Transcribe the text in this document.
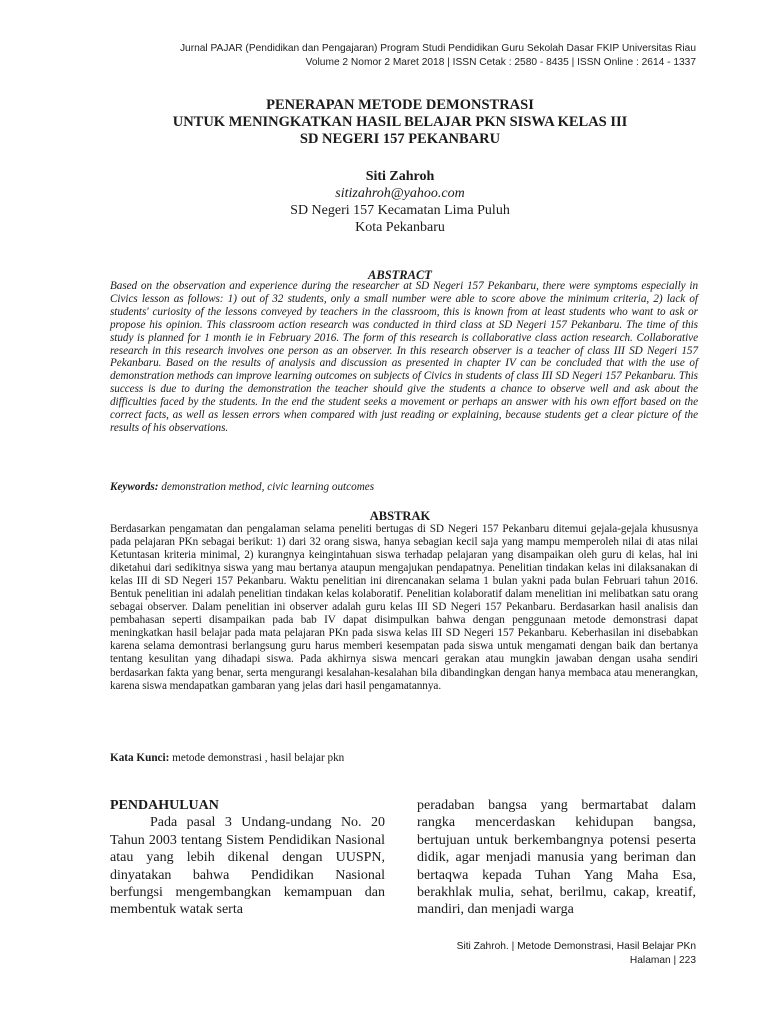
Jurnal PAJAR (Pendidikan dan Pengajaran) Program Studi Pendidikan Guru Sekolah Dasar FKIP Universitas Riau
Volume 2 Nomor 2 Maret 2018 | ISSN Cetak : 2580 - 8435 | ISSN Online : 2614 - 1337
PENERAPAN METODE DEMONSTRASI
UNTUK MENINGKATKAN HASIL BELAJAR PKN SISWA KELAS III
SD NEGERI 157 PEKANBARU
Siti Zahroh
sitizahroh@yahoo.com
SD Negeri 157 Kecamatan Lima Puluh
Kota Pekanbaru
ABSTRACT
Based on the observation and experience during the researcher at SD Negeri 157 Pekanbaru, there were symptoms especially in Civics lesson as follows: 1) out of 32 students, only a small number were able to score above the minimum criteria, 2) lack of students' curiosity of the lessons conveyed by teachers in the classroom, this is known from at least students who want to ask or propose his opinion. This classroom action research was conducted in third class at SD Negeri 157 Pekanbaru. The time of this study is planned for 1 month ie in February 2016. The form of this research is collaborative class action research. Collaborative research in this research involves one person as an observer. In this research observer is a teacher of class III SD Negeri 157 Pekanbaru. Based on the results of analysis and discussion as presented in chapter IV can be concluded that with the use of demonstration methods can improve learning outcomes on subjects of Civics in students of class III SD Negeri 157 Pekanbaru. This success is due to during the demonstration the teacher should give the students a chance to observe well and ask about the difficulties faced by the students. In the end the student seeks a movement or perhaps an answer with his own effort based on the correct facts, as well as lessen errors when compared with just reading or explaining, because students get a clear picture of the results of his observations.
Keywords: demonstration method, civic learning outcomes
ABSTRAK
Berdasarkan pengamatan dan pengalaman selama peneliti bertugas di SD Negeri 157 Pekanbaru ditemui gejala-gejala khususnya pada pelajaran PKn sebagai berikut: 1) dari 32 orang siswa, hanya sebagian kecil saja yang mampu memperoleh nilai di atas nilai Ketuntasan kriteria minimal, 2) kurangnya keingintahuan siswa terhadap pelajaran yang disampaikan oleh guru di kelas, hal ini diketahui dari sedikitnya siswa yang mau bertanya ataupun mengajukan pendapatnya. Penelitian tindakan kelas ini dilaksanakan di kelas III di SD Negeri 157 Pekanbaru. Waktu penelitian ini direncanakan selama 1 bulan yakni pada bulan Februari tahun 2016. Bentuk penelitian ini adalah penelitian tindakan kelas kolaboratif. Penelitian kolaboratif dalam menelitian ini melibatkan satu orang sebagai observer. Dalam penelitian ini observer adalah guru kelas III SD Negeri 157 Pekanbaru. Berdasarkan hasil analisis dan pembahasan seperti disampaikan pada bab IV dapat disimpulkan bahwa dengan penggunaan metode demonstrasi dapat meningkatkan hasil belajar pada mata pelajaran PKn pada siswa kelas III SD Negeri 157 Pekanbaru. Keberhasilan ini disebabkan karena selama demontrasi berlangsung guru harus memberi kesempatan pada siswa untuk mengamati dengan baik dan bertanya tentang kesulitan yang dihadapi siswa. Pada akhirnya siswa mencari gerakan atau mungkin jawaban dengan usaha sendiri berdasarkan fakta yang benar, serta mengurangi kesalahan-kesalahan bila dibandingkan dengan hanya membaca atau menerangkan, karena siswa mendapatkan gambaran yang jelas dari hasil pengamatannya.
Kata Kunci: metode demonstrasi , hasil belajar pkn
PENDAHULUAN
Pada pasal 3 Undang-undang No. 20 Tahun 2003 tentang Sistem Pendidikan Nasional atau yang lebih dikenal dengan UUSPN, dinyatakan bahwa Pendidikan Nasional berfungsi mengembangkan kemampuan dan membentuk watak serta
peradaban bangsa yang bermartabat dalam rangka mencerdaskan kehidupan bangsa, bertujuan untuk berkembangnya potensi peserta didik, agar menjadi manusia yang beriman dan bertaqwa kepada Tuhan Yang Maha Esa, berakhlak mulia, sehat, berilmu, cakap, kreatif, mandiri, dan menjadi warga
Siti Zahroh. | Metode Demonstrasi, Hasil Belajar PKn
Halaman | 223
